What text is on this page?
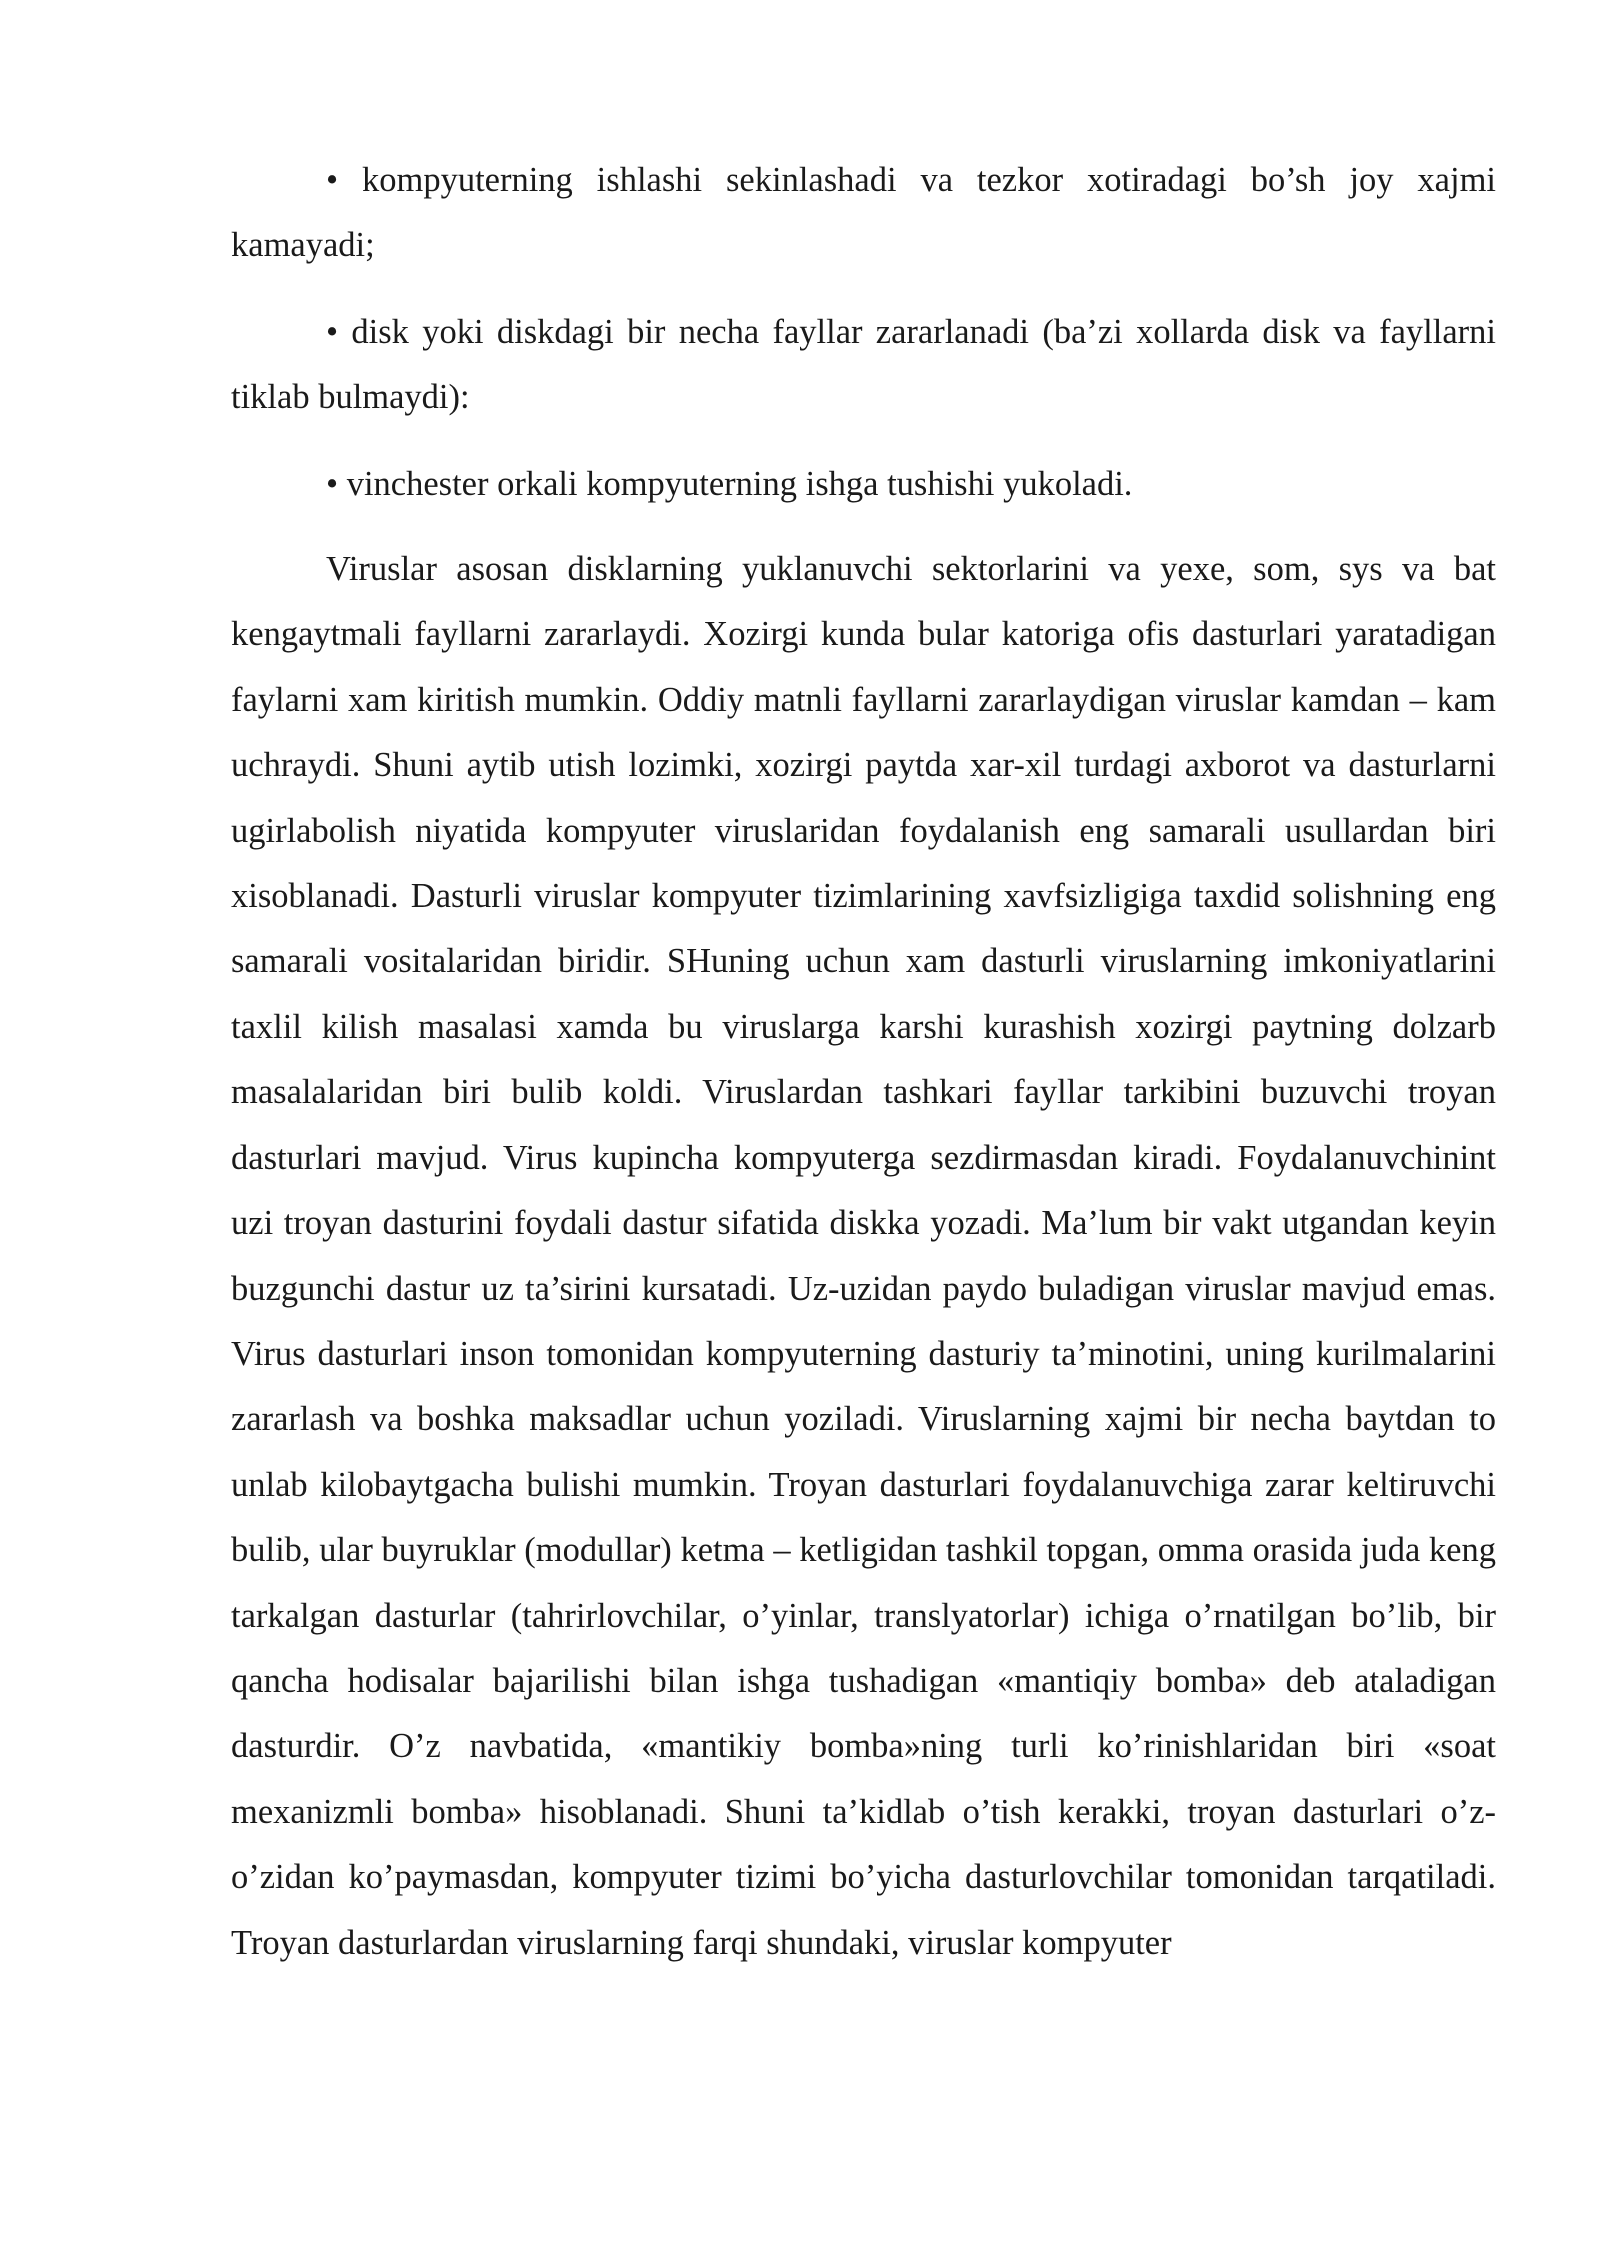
• kompyuterning ishlashi sekinlashadi va tezkor xotiradagi bo’sh joy xajmi kamayadi;

• disk yoki diskdagi bir necha fayllar zararlanadi (ba’zi xollarda disk va fayllarni tiklab bulmaydi):

• vinchester orkali kompyuterning ishga tushishi yukoladi.

Viruslar asosan disklarning yuklanuvchi sektorlarini va yexe, som, sys va bat kengaytmali fayllarni zararlaydi. Xozirgi kunda bular katoriga ofis dasturlari yaratadigan faylarni xam kiritish mumkin. Oddiy matnli fayllarni zararlaydigan viruslar kamdan – kam uchraydi. Shuni aytib utish lozimki, xozirgi paytda xar-xil turdagi axborot va dasturlarni ugirlabolish niyatida kompyuter viruslaridan foydalanish eng samarali usullardan biri xisoblanadi. Dasturli viruslar kompyuter tizimlarining xavfsizligiga taxdid solishning eng samarali vositalaridan biridir. SHuning uchun xam dasturli viruslarning imkoniyatlarini taxlil kilish masalasi xamda bu viruslarga karshi kurashish xozirgi paytning dolzarb masalalaridan biri bulib koldi. Viruslardan tashkari fayllar tarkibini buzuvchi troyan dasturlari mavjud. Virus kupincha kompyuterga sezdirmasdan kiradi. Foydalanuvchinint uzi troyan dasturini foydali dastur sifatida diskka yozadi. Ma’lum bir vakt utgandan keyin buzgunchi dastur uz ta’sirini kursatadi. Uz-uzidan paydo buladigan viruslar mavjud emas. Virus dasturlari inson tomonidan kompyuterning dasturiy ta’minotini, uning kurilmalarini zararlash va boshka maksadlar uchun yoziladi. Viruslarning xajmi bir necha baytdan to unlab kilobaytgacha bulishi mumkin. Troyan dasturlari foydalanuvchiga zarar keltiruvchi bulib, ular buyruklar (modullar) ketma – ketligidan tashkil topgan, omma orasida juda keng tarkalgan dasturlar (tahrirlovchilar, o’yinlar, translyatorlar) ichiga o’rnatilgan bo’lib, bir qancha hodisalar bajarilishi bilan ishga tushadigan «mantiqiy bomba» deb ataladigan dasturdir. O’z navbatida, «mantikiy bomba»ning turli ko’rinishlaridan biri «soat mexanizmli bomba» hisoblanadi. Shuni ta’kidlab o’tish kerakki, troyan dasturlari o’z-o’zidan ko’paymasdan, kompyuter tizimi bo’yicha dasturlovchilar tomonidan tarqatiladi. Troyan dasturlardan viruslarning farqi shundaki, viruslar kompyuter
